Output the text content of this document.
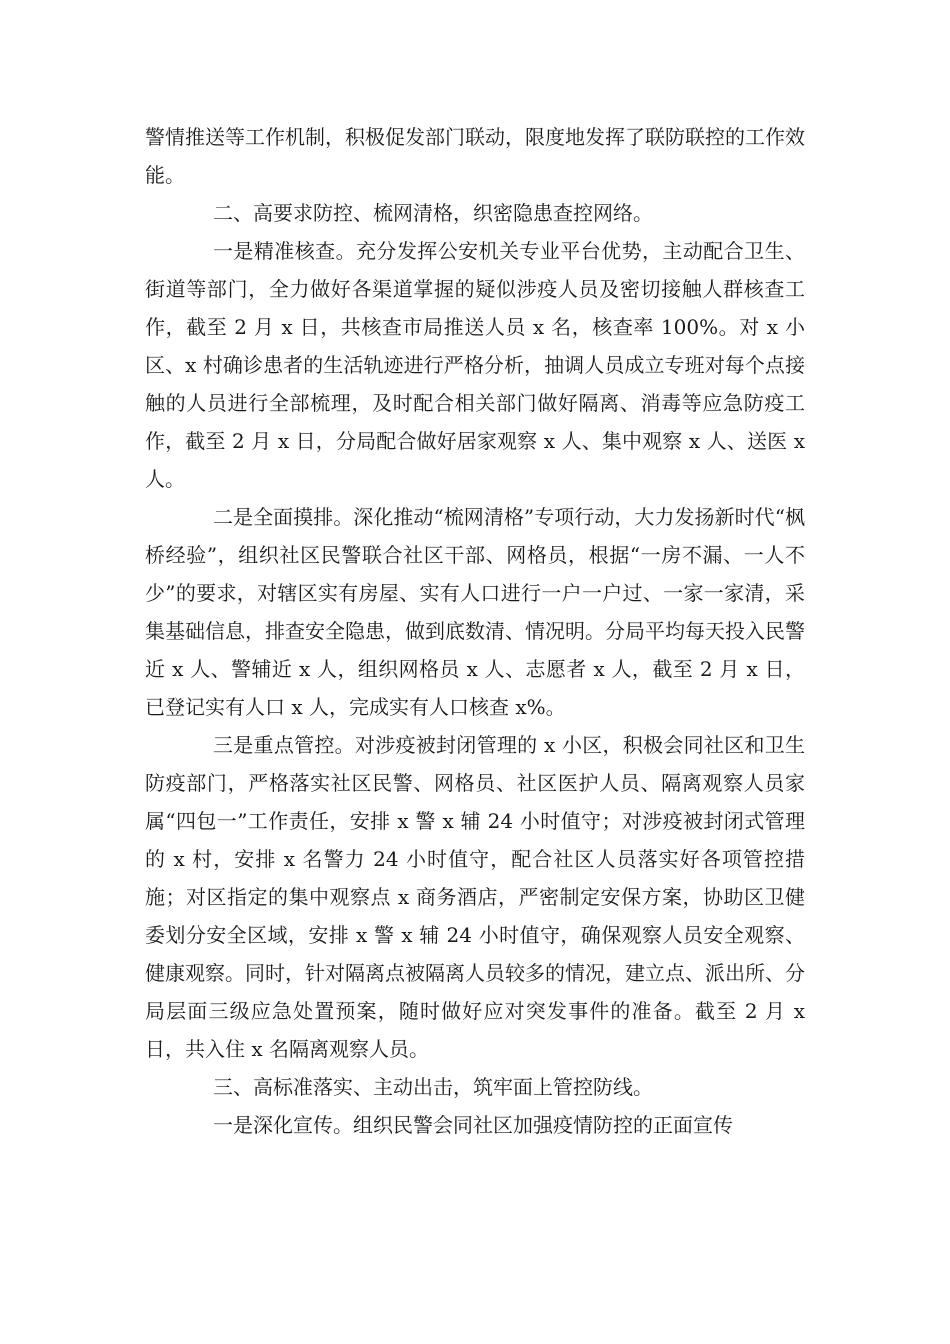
警情推送等工作机制，积极促发部门联动，限度地发挥了联防联控的工作效能。

二、高要求防控、梳网清格，织密隐患查控网络。

一是精准核查。充分发挥公安机关专业平台优势，主动配合卫生、街道等部门，全力做好各渠道掌握的疑似涉疫人员及密切接触人群核查工作，截至 2 月 x 日，共核查市局推送人员 x 名，核查率 100%。对 x 小区、x 村确诊患者的生活轨迹进行严格分析，抽调人员成立专班对每个点接触的人员进行全部梳理，及时配合相关部门做好隔离、消毒等应急防疫工作，截至 2 月 x 日，分局配合做好居家观察 x 人、集中观察 x 人、送医 x 人。

二是全面摸排。深化推动“梳网清格”专项行动，大力发扬新时代“枫桥经验”，组织社区民警联合社区干部、网格员，根据“一房不漏、一人不少”的要求，对辖区实有房屋、实有人口进行一户一户过、一家一家清，采集基础信息，排查安全隐患，做到底数清、情况明。分局平均每天投入民警近 x 人、警辅近 x 人，组织网格员 x 人、志愿者 x 人，截至 2 月 x 日，已登记实有人口 x 人，完成实有人口核查 x%。

三是重点管控。对涉疫被封闭管理的 x 小区，积极会同社区和卫生防疫部门，严格落实社区民警、网格员、社区医护人员、隔离观察人员家属“四包一”工作责任，安排 x 警 x 辅 24 小时值守；对涉疫被封闭式管理的 x 村，安排 x 名警力 24 小时值守，配合社区人员落实好各项管控措施；对区指定的集中观察点 x 商务酒店，严密制定安保方案，协助区卫健委划分安全区域，安排 x 警 x 辅 24 小时值守，确保观察人员安全观察、健康观察。同时，针对隔离点被隔离人员较多的情况，建立点、派出所、分局层面三级应急处置预案，随时做好应对突发事件的准备。截至 2 月 x 日，共入住 x 名隔离观察人员。

三、高标准落实、主动出击，筑牢面上管控防线。

一是深化宣传。组织民警会同社区加强疫情防控的正面宣传
